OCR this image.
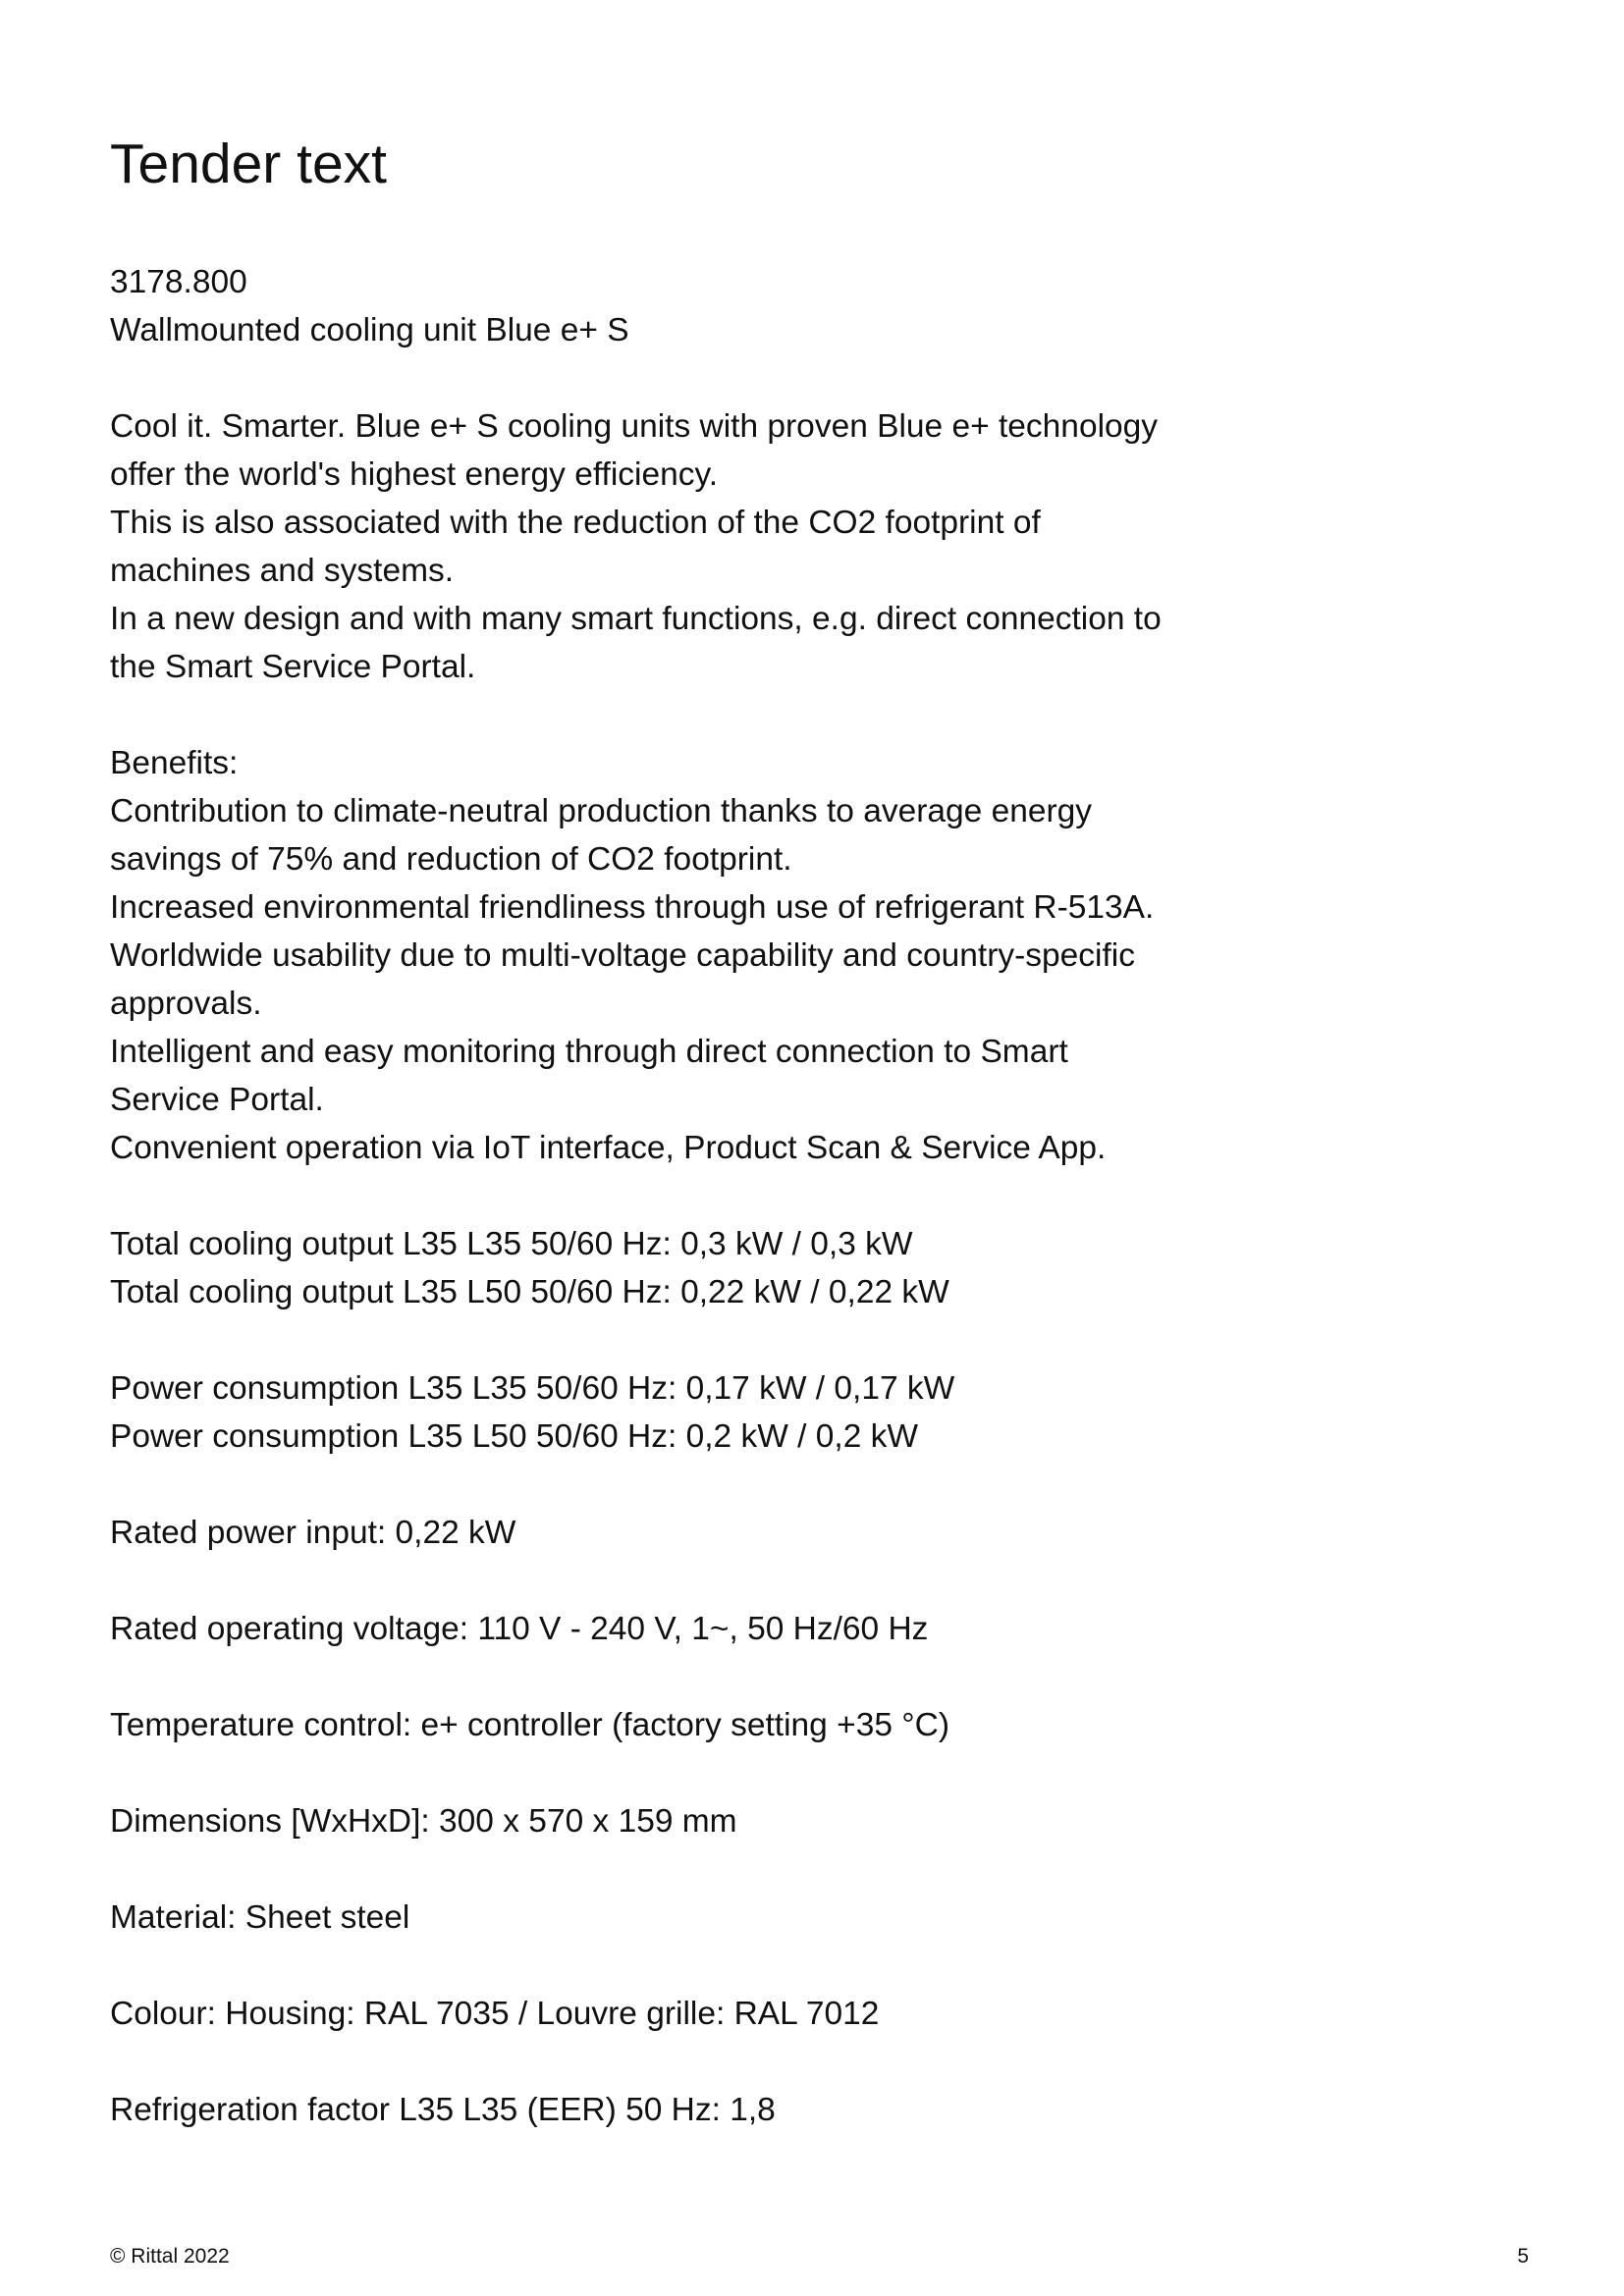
Tender text
3178.800
Wallmounted cooling unit Blue e+ S
Cool it. Smarter. Blue e+ S cooling units with proven Blue e+ technology
offer the world's highest energy efficiency.
This is also associated with the reduction of the CO2 footprint of
machines and systems.
In a new design and with many smart functions, e.g. direct connection to
the Smart Service Portal.
Benefits:
Contribution to climate-neutral production thanks to average energy
savings of 75% and reduction of CO2 footprint.
Increased environmental friendliness through use of refrigerant R-513A.
Worldwide usability due to multi-voltage capability and country-specific
approvals.
Intelligent and easy monitoring through direct connection to Smart
Service Portal.
Convenient operation via IoT interface, Product Scan & Service App.
Total cooling output L35 L35 50/60 Hz: 0,3 kW / 0,3 kW
Total cooling output L35 L50 50/60 Hz: 0,22 kW / 0,22 kW
Power consumption L35 L35 50/60 Hz: 0,17 kW / 0,17 kW
Power consumption L35 L50 50/60 Hz: 0,2 kW / 0,2 kW
Rated power input: 0,22 kW
Rated operating voltage: 110 V - 240 V, 1~, 50 Hz/60 Hz
Temperature control: e+ controller (factory setting +35 °C)
Dimensions [WxHxD]: 300 x 570 x 159 mm
Material: Sheet steel
Colour: Housing: RAL 7035 / Louvre grille: RAL 7012
Refrigeration factor L35 L35 (EER) 50 Hz: 1,8
© Rittal 2022	5
